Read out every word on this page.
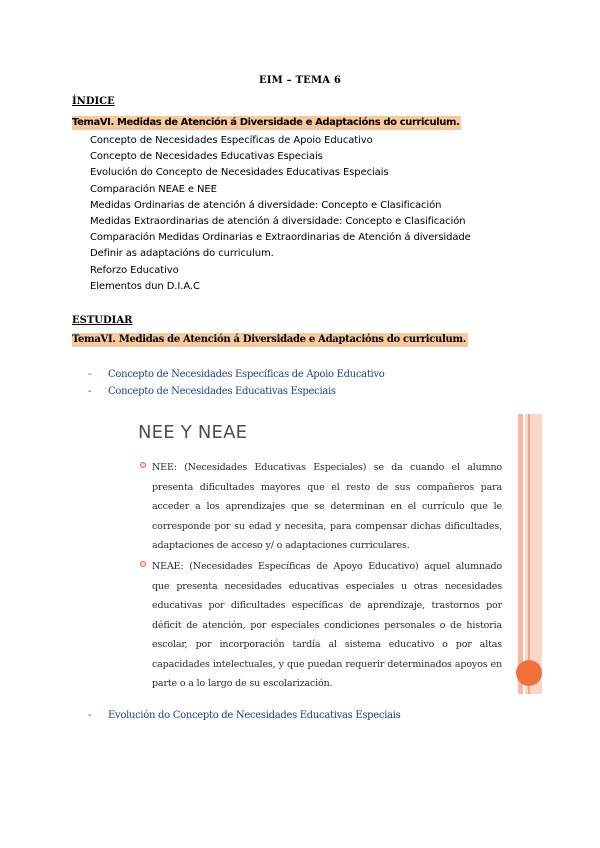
EIM – TEMA 6
ÍNDICE
TemaVI. Medidas de Atención á Diversidade e Adaptacións do curriculum.
Concepto de Necesidades Específicas de Apoio Educativo
Concepto de Necesidades Educativas Especiais
Evolución do Concepto de Necesidades Educativas Especiais
Comparación NEAE e NEE
Medidas Ordinarias de atención á diversidade: Concepto e Clasificación
Medidas Extraordinarias de atención á diversidade: Concepto e Clasificación
Comparación Medidas Ordinarias e Extraordinarias de Atención á diversidade
Definir as adaptacións do curriculum.
Reforzo Educativo
Elementos dun D.I.A.C
ESTUDIAR
TemaVI. Medidas de Atención á Diversidade e Adaptacións do curriculum.
- Concepto de Necesidades Específicas de Apoio Educativo
- Concepto de Necesidades Educativas Especiais
NEE Y NEAE
NEE: (Necesidades Educativas Especiales) se da cuando el alumno presenta dificultades mayores que el resto de sus compañeros para acceder a los aprendizajes que se determinan en el currículo que le corresponde por su edad y necesita, para compensar dichas dificultades, adaptaciones de acceso y/ o adaptaciones curriculares.
NEAE: (Necesidades Específicas de Apoyo Educativo) aquel alumnado que presenta necesidades educativas especiales u otras necesidades educativas por dificultades específicas de aprendizaje, trastornos por déficit de atención, por especiales condiciones personales o de historia escolar, por incorporación tardía al sistema educativo o por altas capacidades intelectuales, y que puedan requerir determinados apoyos en parte o a lo largo de su escolarización.
- Evolución do Concepto de Necesidades Educativas Especiais
